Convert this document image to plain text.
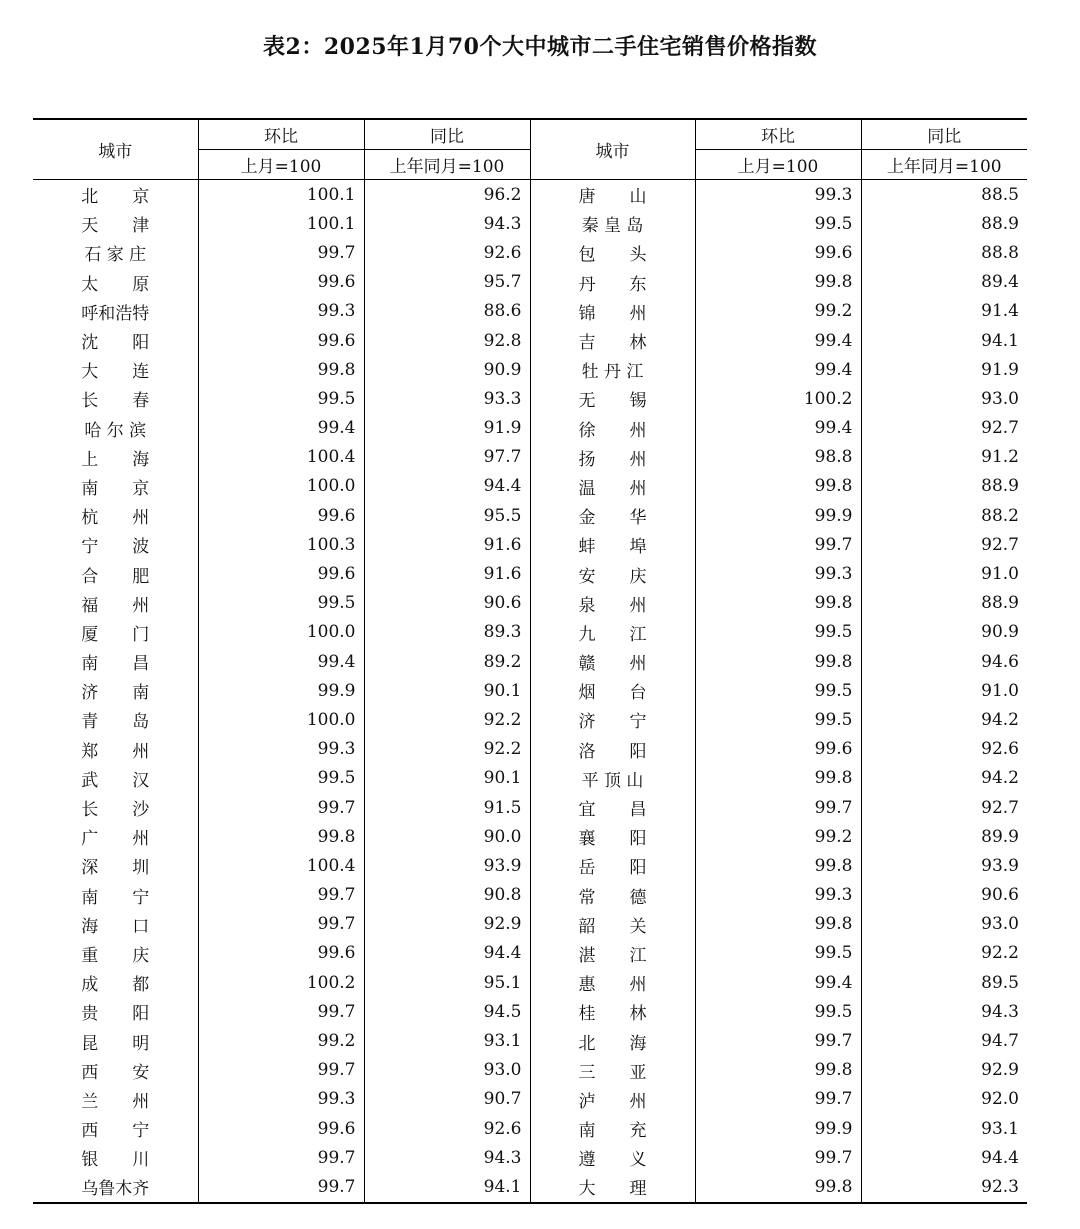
表2：2025年1月70个大中城市二手住宅销售价格指数
城市	环比	同比	城市	环比	同比
	上月=100	上年同月=100		上月=100	上年同月=100
北　　京	100.1	96.2	唐　　山	99.3	88.5
天　　津	100.1	94.3	秦 皇 岛	99.5	88.9
石 家 庄	99.7	92.6	包　　头	99.6	88.8
太　　原	99.6	95.7	丹　　东	99.8	89.4
呼和浩特	99.3	88.6	锦　　州	99.2	91.4
沈　　阳	99.6	92.8	吉　　林	99.4	94.1
大　　连	99.8	90.9	牡 丹 江	99.4	91.9
长　　春	99.5	93.3	无　　锡	100.2	93.0
哈 尔 滨	99.4	91.9	徐　　州	99.4	92.7
上　　海	100.4	97.7	扬　　州	98.8	91.2
南　　京	100.0	94.4	温　　州	99.8	88.9
杭　　州	99.6	95.5	金　　华	99.9	88.2
宁　　波	100.3	91.6	蚌　　埠	99.7	92.7
合　　肥	99.6	91.6	安　　庆	99.3	91.0
福　　州	99.5	90.6	泉　　州	99.8	88.9
厦　　门	100.0	89.3	九　　江	99.5	90.9
南　　昌	99.4	89.2	赣　　州	99.8	94.6
济　　南	99.9	90.1	烟　　台	99.5	91.0
青　　岛	100.0	92.2	济　　宁	99.5	94.2
郑　　州	99.3	92.2	洛　　阳	99.6	92.6
武　　汉	99.5	90.1	平 顶 山	99.8	94.2
长　　沙	99.7	91.5	宜　　昌	99.7	92.7
广　　州	99.8	90.0	襄　　阳	99.2	89.9
深　　圳	100.4	93.9	岳　　阳	99.8	93.9
南　　宁	99.7	90.8	常　　德	99.3	90.6
海　　口	99.7	92.9	韶　　关	99.8	93.0
重　　庆	99.6	94.4	湛　　江	99.5	92.2
成　　都	100.2	95.1	惠　　州	99.4	89.5
贵　　阳	99.7	94.5	桂　　林	99.5	94.3
昆　　明	99.2	93.1	北　　海	99.7	94.7
西　　安	99.7	93.0	三　　亚	99.8	92.9
兰　　州	99.3	90.7	泸　　州	99.7	92.0
西　　宁	99.6	92.6	南　　充	99.9	93.1
银　　川	99.7	94.3	遵　　义	99.7	94.4
乌鲁木齐	99.7	94.1	大　　理	99.8	92.3
